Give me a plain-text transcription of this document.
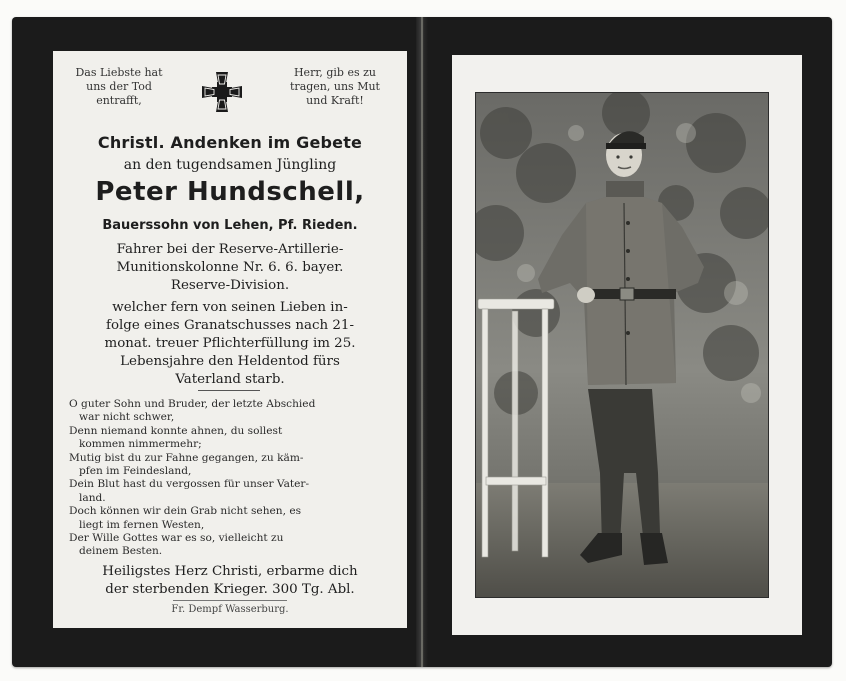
Das Liebste hat
uns der Tod
entrafft,
Herr, gib es zu
tragen, uns Mut
und Kraft!
Christl. Andenken im Gebete
an den tugendsamen Jüngling
Peter Hundschell,
Bauerssohn von Lehen, Pf. Rieden.
Fahrer bei der Reserve-Artillerie-
Munitionskolonne Nr. 6. 6. bayer.
Reserve-Division.
welcher fern von seinen Lieben in-
folge eines Granatschusses nach 21-
monat. treuer Pflichterfüllung im 25.
Lebensjahre den Heldentod fürs
Vaterland starb.
O guter Sohn und Bruder, der letzte Abschied
war nicht schwer,
Denn niemand konnte ahnen, du sollest
kommen nimmermehr;
Mutig bist du zur Fahne gegangen, zu käm-
pfen im Feindesland,
Dein Blut hast du vergossen für unser Vater-
land.
Doch können wir dein Grab nicht sehen, es
liegt im fernen Westen,
Der Wille Gottes war es so, vielleicht zu
deinem Besten.
Heiligstes Herz Christi, erbarme dich
der sterbenden Krieger. 300 Tg. Abl.
Fr. Dempf Wasserburg.
